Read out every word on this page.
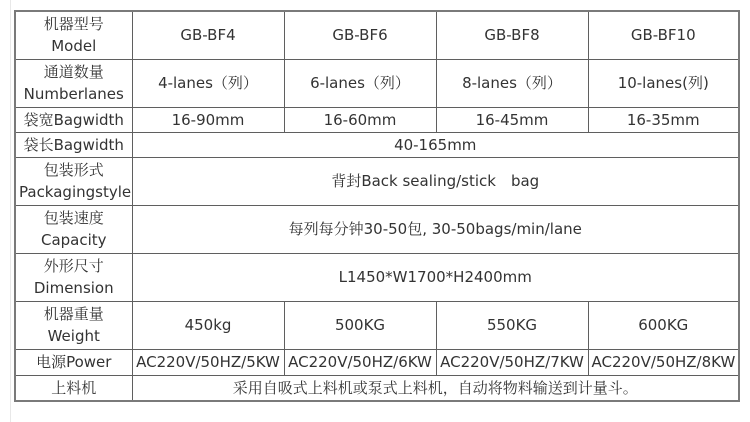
机器型号
Model	GB-BF4	GB-BF6	GB-BF8	GB-BF10

通道数量
Numberlanes	4-lanes（列）	6-lanes（列）	8-lanes（列）	10-lanes(列)
袋宽Bagwidth	16-90mm	16-60mm	16-45mm	16-35mm
袋长Bagwidth	40-165mm			

包装形式
Packagingstyle	背封Back sealing/stick　bag			

包装速度
Capacity	每列每分钟30-50包, 30-50bags/min/lane			

外形尺寸
Dimension	L1450*W1700*H2400mm			

机器重量
Weight	450kg	500KG	550KG	600KG
电源Power	AC220V/50HZ/5KW	AC220V/50HZ/6KW	AC220V/50HZ/7KW	AC220V/50HZ/8KW
上料机	采用自吸式上料机或泵式上料机，自动将物料输送到计量斗。			
